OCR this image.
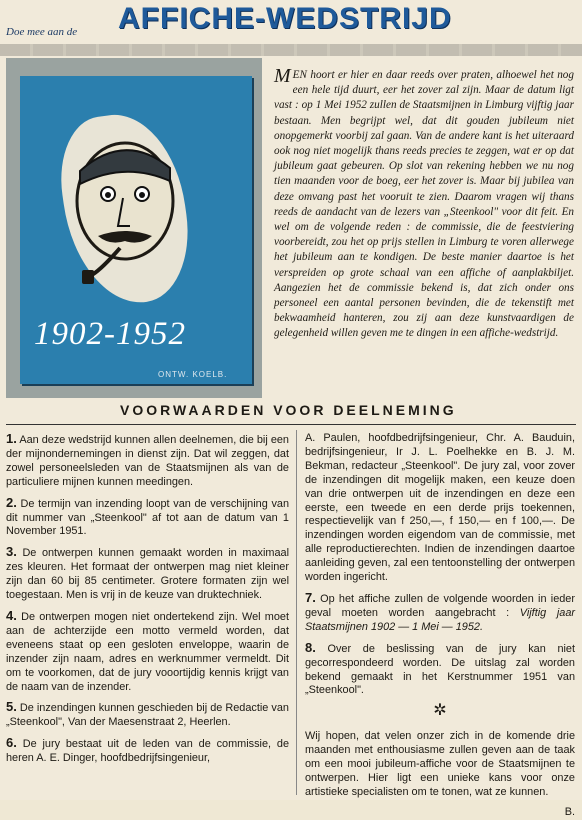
Doe mee aan de AFFICHE-WEDSTRIJD
1902-1952
ONTW. KOELB.
MEN hoort er hier en daar reeds over praten, alhoewel het nog een hele tijd duurt, eer het zover zal zijn. Maar de datum ligt vast : op 1 Mei 1952 zullen de Staatsmijnen in Limburg vijftig jaar bestaan. Men begrijpt wel, dat dit gouden jubileum niet onopgemerkt voorbij zal gaan. Van de andere kant is het uiteraard ook nog niet mogelijk thans reeds precies te zeggen, wat er op dat jubileum gaat gebeuren. Op slot van rekening hebben we nu nog tien maanden voor de boeg, eer het zover is. Maar bij jubilea van deze omvang past het vooruit te zien. Daarom vragen wij thans reeds de aandacht van de lezers van „Steenkool" voor dit feit. En wel om de volgende reden : de commissie, die de feestviering voorbereidt, zou het op prijs stellen in Limburg te voren allerwege het jubileum aan te kondigen. De beste manier daartoe is het verspreiden op grote schaal van een affiche of aanplakbiljet. Aangezien het de commissie bekend is, dat zich onder ons personeel een aantal personen bevinden, die de tekenstift met bekwaamheid hanteren, zou zij aan deze kunstvaardigen de gelegenheid willen geven me te dingen in een affiche-wedstrijd.
VOORWAARDEN VOOR DEELNEMING

1. Aan deze wedstrijd kunnen allen deelnemen, die bij een der mijnondernemingen in dienst zijn. Dat wil zeggen, dat zowel personeelsleden van de Staatsmijnen als van de particuliere mijnen kunnen meedingen.

2. De termijn van inzending loopt van de verschijning van dit nummer van „Steenkool" af tot aan de datum van 1 November 1951.

3. De ontwerpen kunnen gemaakt worden in maximaal zes kleuren. Het formaat der ontwerpen mag niet kleiner zijn dan 60 bij 85 centimeter. Grotere formaten zijn wel toegestaan. Men is vrij in de keuze van druktechniek.

4. De ontwerpen mogen niet ondertekend zijn. Wel moet aan de achterzijde een motto vermeld worden, dat eveneens staat op een gesloten enveloppe, waarin de inzender zijn naam, adres en werknummer vermeldt. Dit om te voorkomen, dat de jury vooortijdig kennis krijgt van de naam van de inzender.

5. De inzendingen kunnen geschieden bij de Redactie van „Steenkool", Van der Maesenstraat 2, Heerlen.

6. De jury bestaat uit de leden van de commissie, de heren A. E. Dinger, hoofdbedrijfsingenieur,

A. Paulen, hoofdbedrijfsingenieur, Chr. A. Bauduin, bedrijfsingenieur, Ir J. L. Poelhekke en B. J. M. Bekman, redacteur „Steenkool". De jury zal, voor zover de inzendingen dit mogelijk maken, een keuze doen van drie ontwerpen uit de inzendingen en deze een eerste, een tweede en een derde prijs toekennen, respectievelijk van f 250,—, f 150,— en f 100,—. De inzendingen worden eigendom van de commissie, met alle reproductierechten. Indien de inzendingen daartoe aanleiding geven, zal een tentoonstelling der ontwerpen worden ingericht.

7. Op het affiche zullen de volgende woorden in ieder geval moeten worden aangebracht : Vijftig jaar Staatsmijnen 1902 — 1 Mei — 1952.

8. Over de beslissing van de jury kan niet gecorrespondeerd worden. De uitslag zal worden bekend gemaakt in het Kerstnummer 1951 van „Steenkool".

✲

Wij hopen, dat velen onzer zich in de komende drie maanden met enthousiasme zullen geven aan de taak om een mooi jubileum-affiche voor de Staatsmijnen te ontwerpen. Hier ligt een unieke kans voor onze artistieke specialisten om te tonen, wat ze kunnen.

B.
